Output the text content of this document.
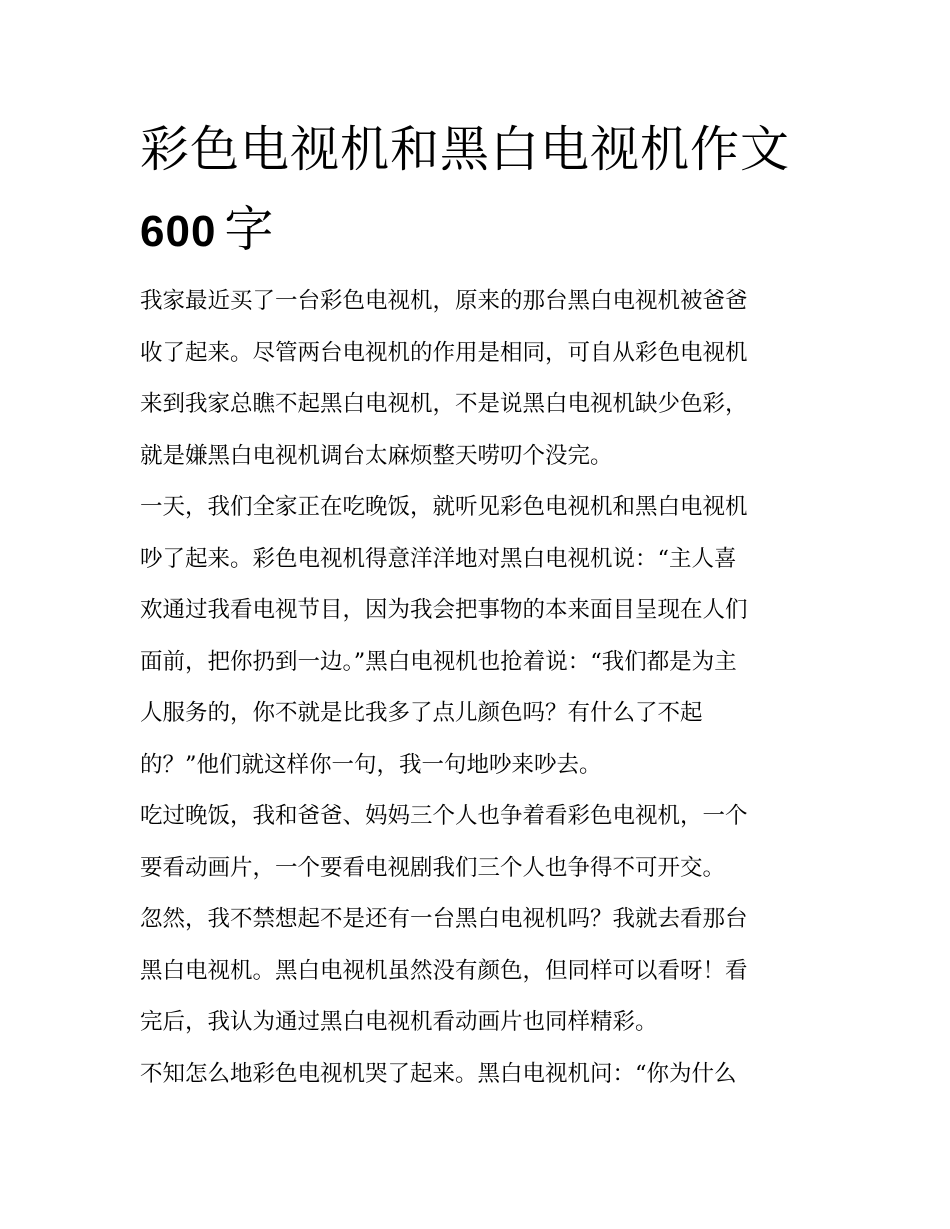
彩色电视机和黑白电视机作文
600 字
我家最近买了一台彩色电视机，原来的那台黑白电视机被爸爸
收了起来。尽管两台电视机的作用是相同，可自从彩色电视机
来到我家总瞧不起黑白电视机，不是说黑白电视机缺少色彩，
就是嫌黑白电视机调台太麻烦整天唠叨个没完。
一天，我们全家正在吃晚饭，就听见彩色电视机和黑白电视机
吵了起来。彩色电视机得意洋洋地对黑白电视机说：“主人喜
欢通过我看电视节目，因为我会把事物的本来面目呈现在人们
面前，把你扔到一边。”黑白电视机也抢着说：“我们都是为主
人服务的，你不就是比我多了点儿颜色吗？有什么了不起
的？”他们就这样你一句，我一句地吵来吵去。
吃过晚饭，我和爸爸、妈妈三个人也争着看彩色电视机，一个
要看动画片，一个要看电视剧我们三个人也争得不可开交。
忽然，我不禁想起不是还有一台黑白电视机吗？我就去看那台
黑白电视机。黑白电视机虽然没有颜色，但同样可以看呀！看
完后，我认为通过黑白电视机看动画片也同样精彩。
不知怎么地彩色电视机哭了起来。黑白电视机问：“你为什么
